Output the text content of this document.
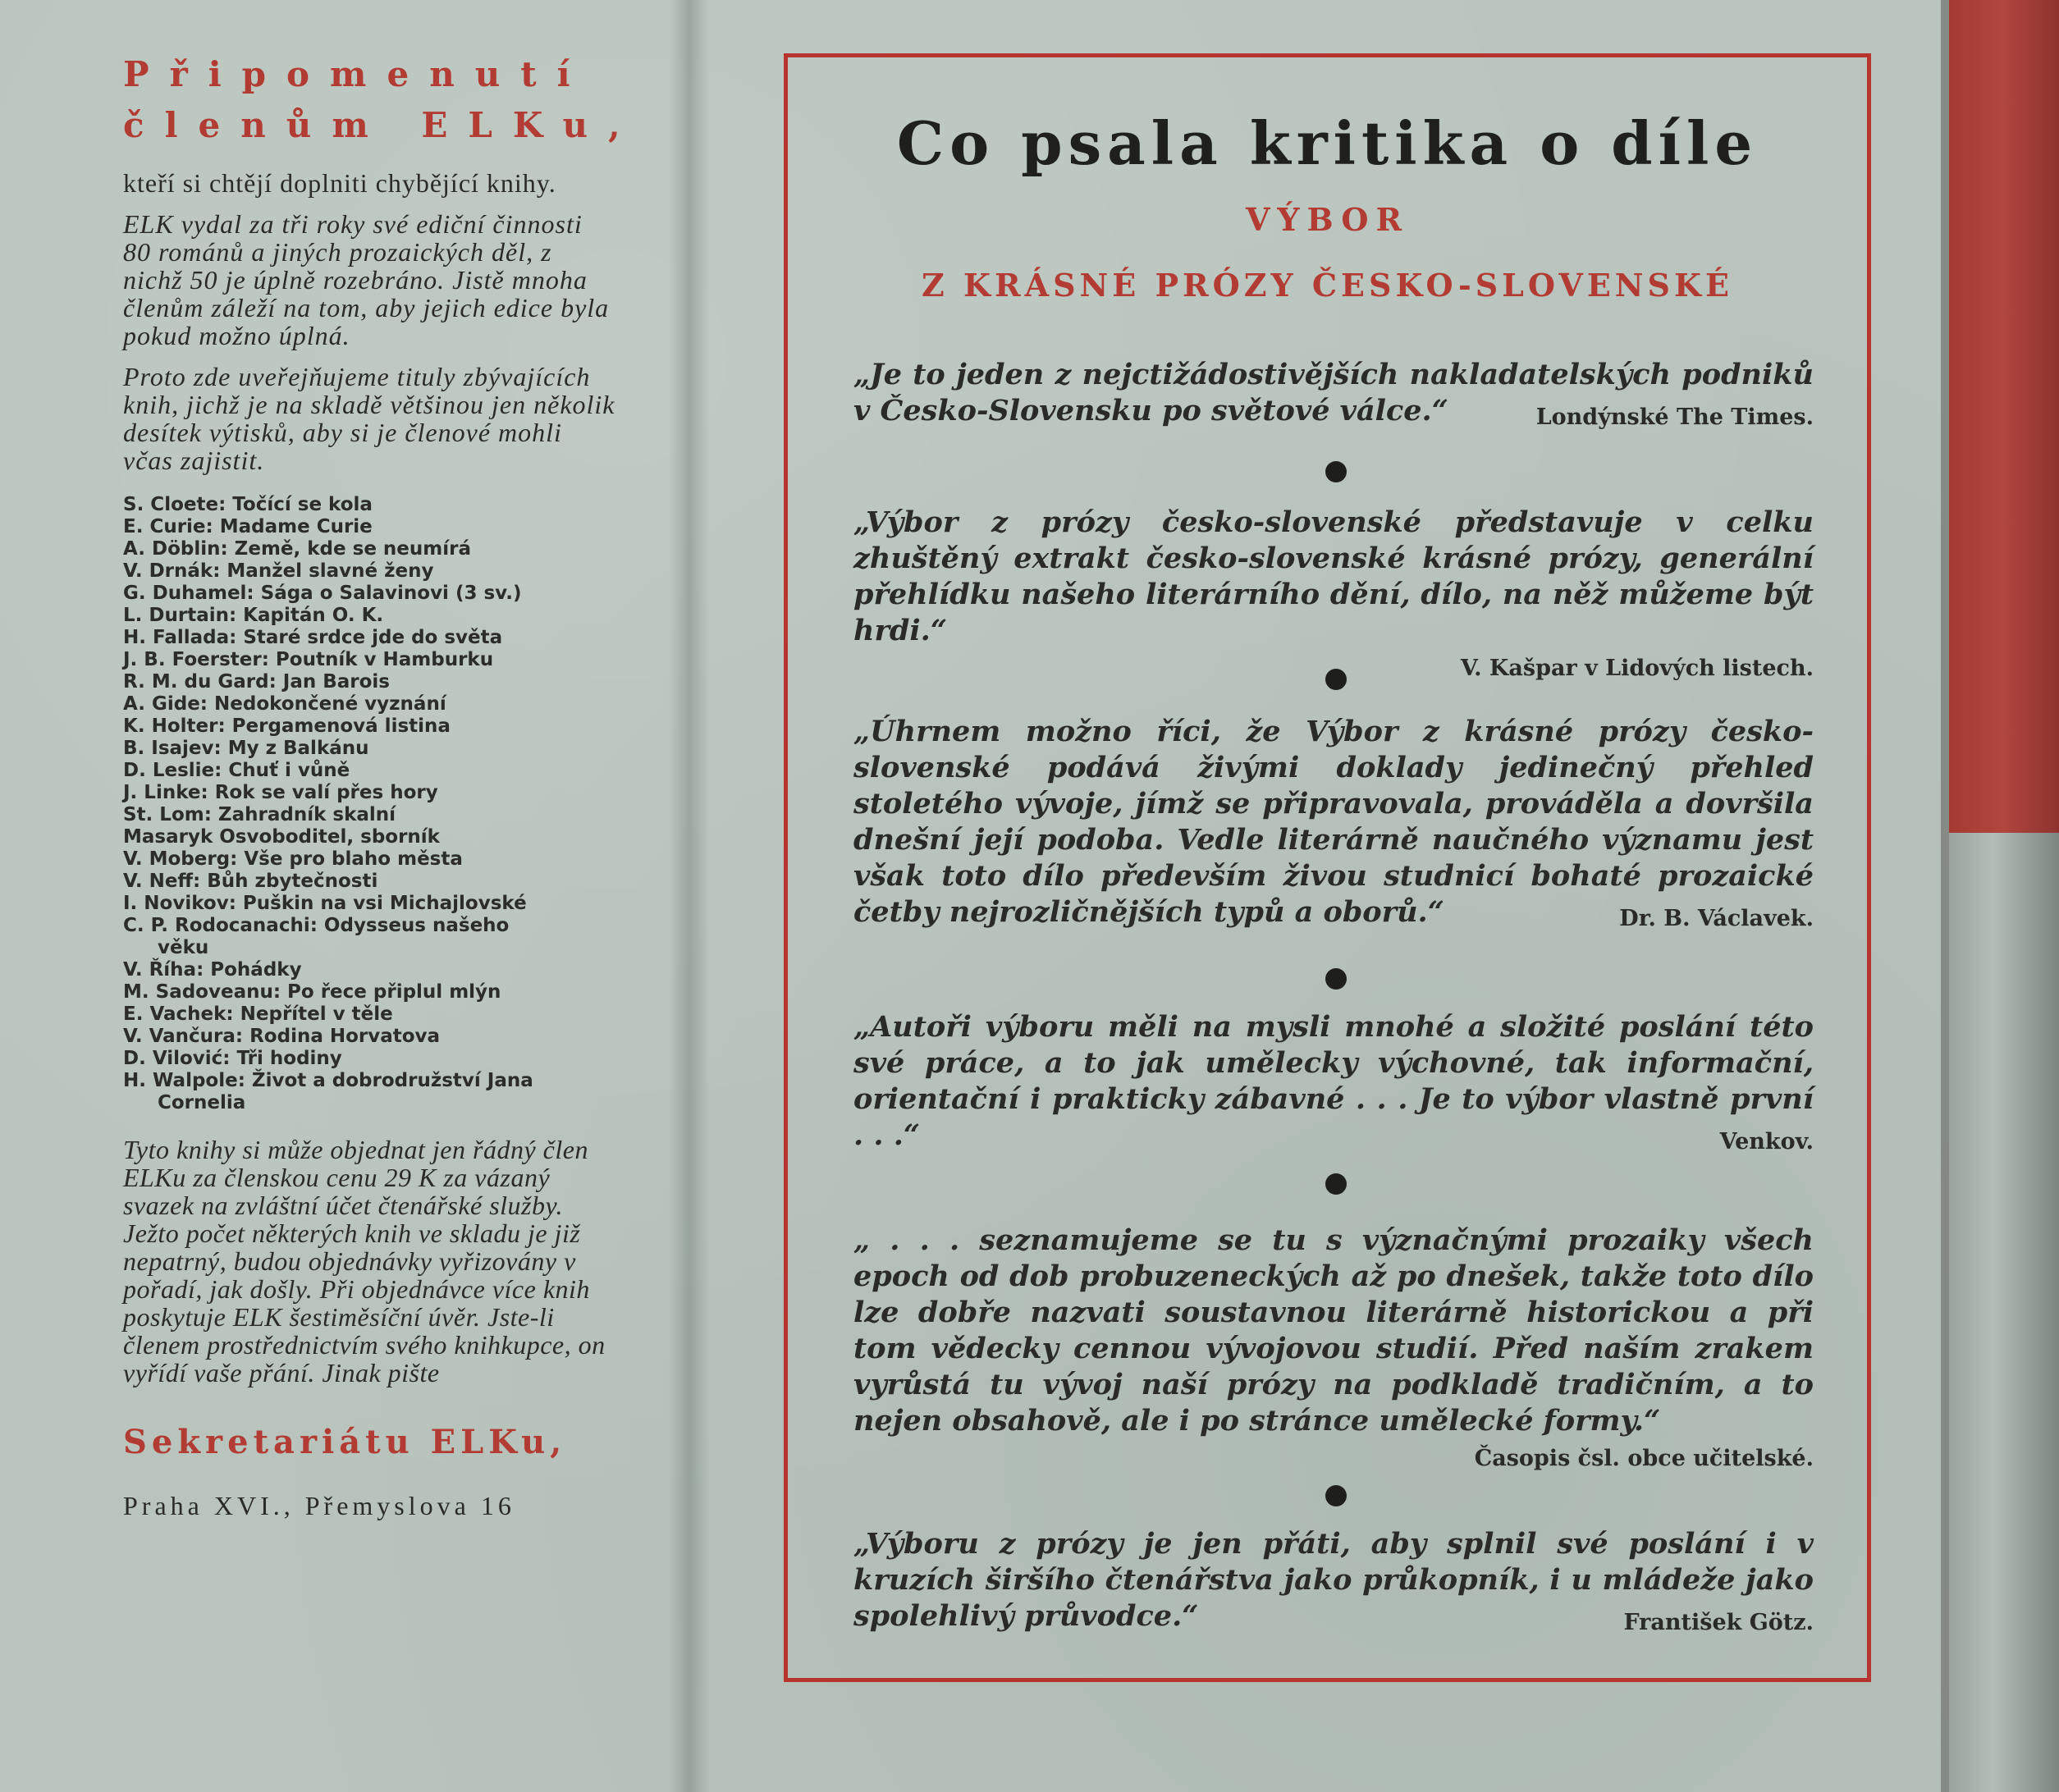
Připomenutí

členům ELKu,

kteří si chtějí doplniti chybějící knihy.

ELK vydal za tři roky své ediční činnosti 80 románů a jiných prozaických děl, z nichž 50 je úplně rozebráno. Jistě mnoha členům záleží na tom, aby jejich edice byla pokud možno úplná.

Proto zde uveřejňujeme tituly zbývajících knih, jichž je na skladě většinou jen několik desítek výtisků, aby si je členové mohli včas zajistit.

S. Cloete: Točící se kola
E. Curie: Madame Curie
A. Döblin: Země, kde se neumírá
V. Drnák: Manžel slavné ženy
G. Duhamel: Sága o Salavinovi (3 sv.)
L. Durtain: Kapitán O. K.
H. Fallada: Staré srdce jde do světa
J. B. Foerster: Poutník v Hamburku
R. M. du Gard: Jan Barois
A. Gide: Nedokončené vyznání
K. Holter: Pergamenová listina
B. Isajev: My z Balkánu
D. Leslie: Chuť i vůně
J. Linke: Rok se valí přes hory
St. Lom: Zahradník skalní
Masaryk Osvoboditel, sborník
V. Moberg: Vše pro blaho města
V. Neff: Bůh zbytečnosti
I. Novikov: Puškin na vsi Michajlovské
C. P. Rodocanachi: Odysseus našeho
věku
V. Říha: Pohádky
M. Sadoveanu: Po řece připlul mlýn
E. Vachek: Nepřítel v těle
V. Vančura: Rodina Horvatova
D. Vilović: Tři hodiny
H. Walpole: Život a dobrodružství Jana
Cornelia

Tyto knihy si může objednat jen řádný člen ELKu za členskou cenu 29 K za vázaný svazek na zvláštní účet čtenářské služby. Ježto počet některých knih ve skladu je již nepatrný, budou objednávky vyřizovány v pořadí, jak došly. Při objednávce více knih poskytuje ELK šestiměsíční úvěr. Jste-li členem prostřednictvím svého knihkupce, on vyřídí vaše přání. Jinak pište

Sekretariátu ELKu,

Praha XVI., Přemyslova 16

Co psala kritika o díle
VÝBOR
Z KRÁSNÉ PRÓZY ČESKO-SLOVENSKÉ
„Je to jeden z nejctižádostivějších nakladatelských podniků v Česko-Slovensku po světové válce.“	Londýnské The Times.
„Výbor z prózy česko-slovenské představuje v celku zhuštěný extrakt česko-slovenské krásné prózy, generální přehlídku našeho literárního dění, dílo, na něž můžeme být hrdi.“
V. Kašpar v Lidových listech.
„Úhrnem možno říci, že Výbor z krásné prózy česko-slovenské podává živými doklady jedinečný přehled stoletého vývoje, jímž se připravovala, prováděla a dovršila dnešní její podoba. Vedle literárně naučného významu jest však toto dílo především živou studnicí bohaté prozaické četby nejrozličnějších typů a oborů.“	Dr. B. Václavek.
„Autoři výboru měli na mysli mnohé a složité poslání této své práce, a to jak umělecky výchovné, tak informační, orientační i prakticky zábavné . . . Je to výbor vlastně první . . .“	Venkov.
„ . . . seznamujeme se tu s význačnými prozaiky všech epoch od dob probuzeneckých až po dnešek, takže toto dílo lze dobře nazvati soustavnou literárně historickou a při tom vědecky cennou vývojovou studií. Před naším zrakem vyrůstá tu vývoj naší prózy na podkladě tradičním, a to nejen obsahově, ale i po stránce umělecké formy.“
Časopis čsl. obce učitelské.
„Výboru z prózy je jen přáti, aby splnil své poslání i v kruzích širšího čtenářstva jako průkopník, i u mládeže jako spolehlivý průvodce.“	František Götz.
